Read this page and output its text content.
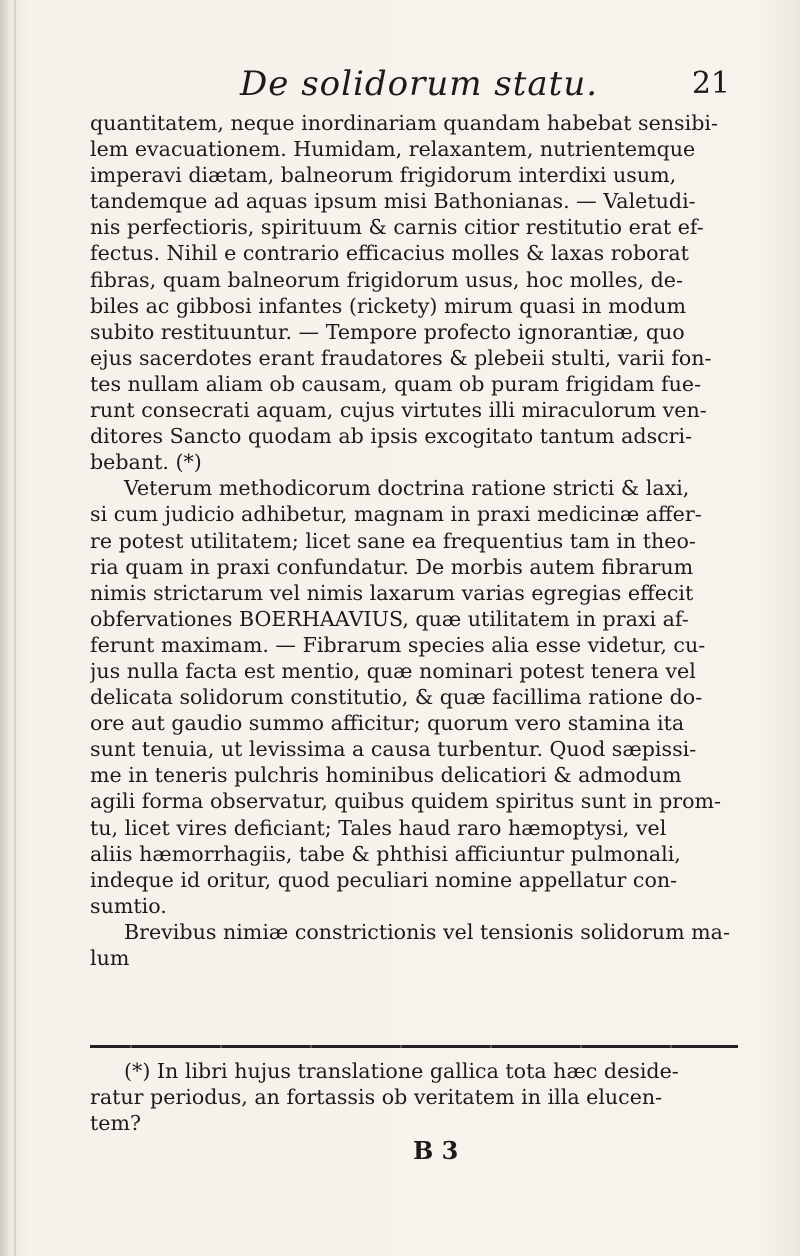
De solidorum statu.	21
quantitatem, neque inordinariam quandam habebat sensibi-
lem evacuationem. Humidam, relaxantem, nutrientemque
imperavi diætam, balneorum frigidorum interdixi usum,
tandemque ad aquas ipsum misi Bathonianas. — Valetudi-
nis perfectioris, spirituum & carnis citior restitutio erat ef-
fectus. Nihil e contrario efficacius molles & laxas roborat
fibras, quam balneorum frigidorum usus, hoc molles, de-
biles ac gibbosi infantes (rickety) mirum quasi in modum
subito restituuntur. — Tempore profecto ignorantiæ, quo
ejus sacerdotes erant fraudatores & plebeii stulti, varii fon-
tes nullam aliam ob causam, quam ob puram frigidam fue-
runt consecrati aquam, cujus virtutes illi miraculorum ven-
ditores Sancto quodam ab ipsis excogitato tantum adscri-
bebant. (*)
Veterum methodicorum doctrina ratione stricti & laxi,
si cum judicio adhibetur, magnam in praxi medicinæ affer-
re potest utilitatem; licet sane ea frequentius tam in theo-
ria quam in praxi confundatur. De morbis autem fibrarum
nimis strictarum vel nimis laxarum varias egregias effecit
obfervationes BOERHAAVIUS, quæ utilitatem in praxi af-
ferunt maximam. — Fibrarum species alia esse videtur, cu-
jus nulla facta est mentio, quæ nominari potest tenera vel
delicata solidorum constitutio, & quæ facillima ratione do-
ore aut gaudio summo afficitur; quorum vero stamina ita
sunt tenuia, ut levissima a causa turbentur. Quod sæpissi-
me in teneris pulchris hominibus delicatiori & admodum
agili forma observatur, quibus quidem spiritus sunt in prom-
tu, licet vires deficiant; Tales haud raro hæmoptysi, vel
aliis hæmorrhagiis, tabe & phthisi afficiuntur pulmonali,
indeque id oritur, quod peculiari nomine appellatur con-
sumtio.
Brevibus nimiæ constrictionis vel tensionis solidorum ma-
lum
(*) In libri hujus translatione gallica tota hæc deside-
ratur periodus, an fortassis ob veritatem in illa elucen-
tem?
B 3
